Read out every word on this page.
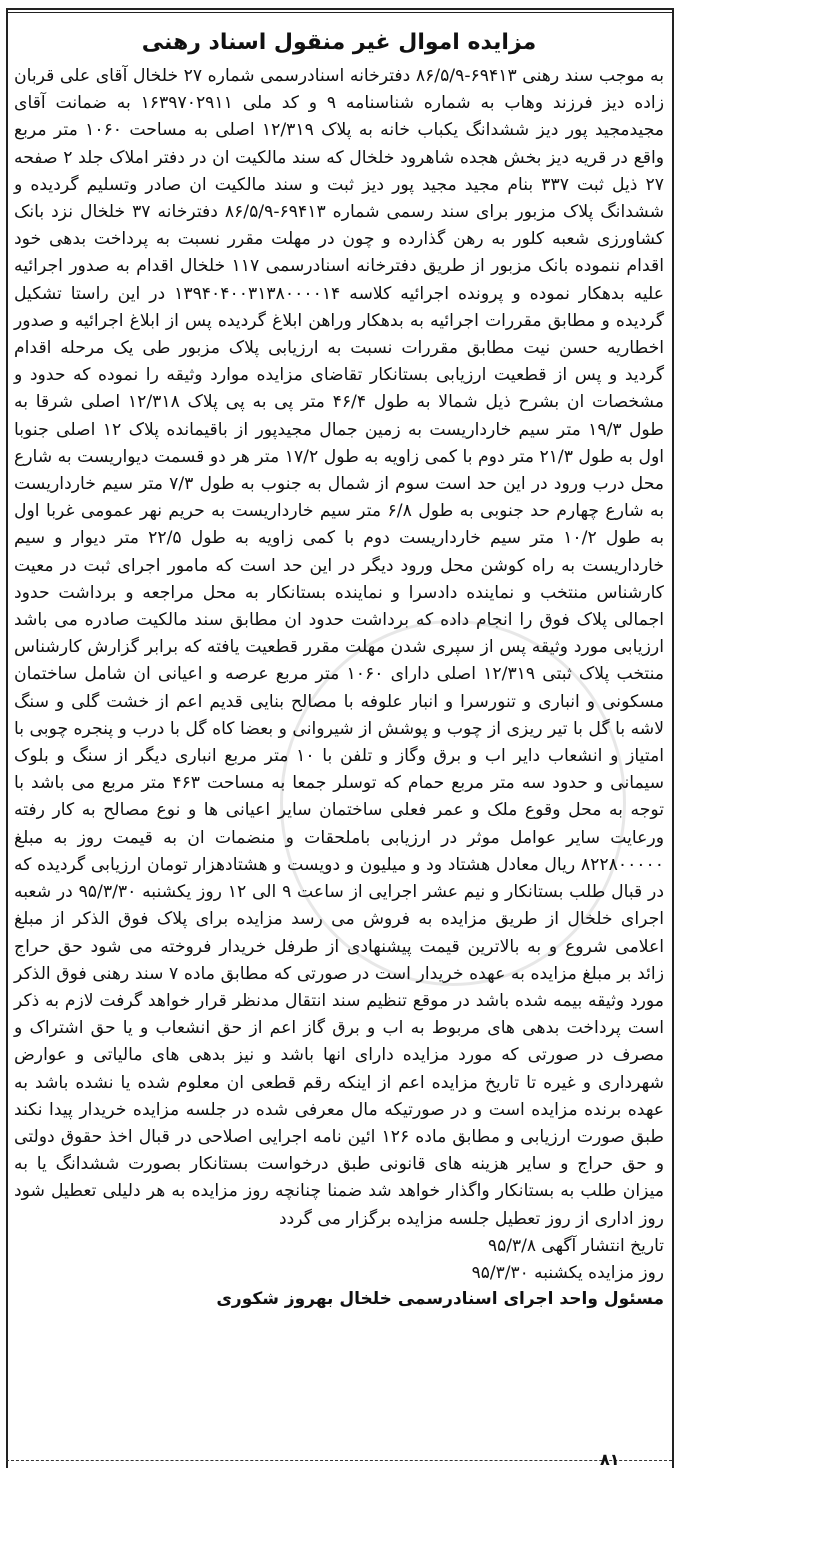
مزایده اموال غیر منقول اسناد رهنی

به موجب سند رهنی ۶۹۴۱۳-۸۶/۵/۹ دفترخانه اسنادرسمی شماره ۲۷ خلخال آقای علی قربان زاده دیز فرزند وهاب به شماره شناسنامه ۹ و کد ملی ۱۶۳۹۷۰۲۹۱۱ به ضمانت آقای مجیدمجید پور دیز ششدانگ یکباب خانه به پلاک ۱۲/۳۱۹ اصلی به مساحت ۱۰۶۰ متر مربع واقع در قریه دیز بخش هجده شاهرود خلخال که سند مالکیت ان در دفتر املاک جلد ۲ صفحه ۲۷ ذیل ثبت ۳۳۷ بنام مجید مجید پور دیز ثبت و سند مالکیت ان صادر وتسلیم گردیده و ششدانگ پلاک مزبور برای سند رسمی شماره ۶۹۴۱۳-۸۶/۵/۹ دفترخانه ۳۷ خلخال نزد بانک کشاورزی شعبه کلور به رهن گذارده و چون در مهلت مقرر نسبت به پرداخت بدهی خود اقدام ننموده بانک مزبور از طریق دفترخانه اسنادرسمی ۱۱۷ خلخال اقدام به صدور اجرائیه علیه بدهکار نموده و پرونده اجرائیه کلاسه ۱۳۹۴۰۴۰۰۳۱۳۸۰۰۰۰۱۴ در این راستا تشکیل گردیده و مطابق مقررات اجرائیه به بدهکار وراهن ابلاغ گردیده پس از ابلاغ اجرائیه و صدور اخطاریه حسن نیت مطابق مقررات نسبت به ارزیابی پلاک مزبور طی یک مرحله اقدام گردید و پس از قطعیت ارزیابی بستانکار تقاضای مزایده موارد وثیقه را نموده که حدود و مشخصات ان بشرح ذیل شمالا به طول ۴۶/۴ متر پی به پی پلاک ۱۲/۳۱۸ اصلی شرقا به طول ۱۹/۳ متر سیم خارداریست به زمین جمال مجیدپور از باقیمانده پلاک ۱۲ اصلی جنوبا اول به طول ۲۱/۳ متر دوم با کمی زاویه به طول ۱۷/۲ متر هر دو قسمت دیواریست به شارع محل درب ورود در این حد است سوم از شمال به جنوب به طول ۷/۳ متر سیم خارداریست به شارع چهارم حد جنوبی به طول ۶/۸ متر سیم خارداریست به حریم نهر عمومی غربا اول به طول ۱۰/۲ متر سیم خارداریست دوم با کمی زاویه به طول ۲۲/۵ متر دیوار و سیم خارداریست به راه کوشن محل ورود دیگر در این حد است که مامور اجرای ثبت در معیت کارشناس منتخب و نماینده دادسرا و نماینده بستانکار به محل مراجعه و برداشت حدود اجمالی پلاک فوق را انجام داده که برداشت حدود ان مطابق سند مالکیت صادره می باشد ارزیابی مورد وثیقه پس از سپری شدن مهلت مقرر قطعیت یافته که برابر گزارش کارشناس منتخب پلاک ثبتی ۱۲/۳۱۹ اصلی دارای ۱۰۶۰ متر مربع عرصه و اعیانی ان شامل ساختمان مسکونی و انباری و تنورسرا و انبار علوفه با مصالح بنایی قدیم اعم از خشت گلی و سنگ لاشه با گل با تیر ریزی از چوب و پوشش از شیروانی و بعضا کاه گل با درب و پنجره چوبی با امتیاز و انشعاب دایر اب و برق وگاز و تلفن با ۱۰ متر مربع انباری دیگر از سنگ و بلوک سیمانی و حدود سه متر مربع حمام که توسلر جمعا به مساحت ۴۶۳ متر مربع می باشد با توجه به محل وقوع ملک و عمر فعلی ساختمان سایر اعیانی ها و نوع مصالح به کار رفته ورعایت سایر عوامل موثر در ارزیابی باملحقات و منضمات ان به قیمت روز به مبلغ ۸۲۲۸۰۰۰۰۰ ریال معادل هشتاد ود و میلیون و دویست و هشتادهزار تومان ارزیابی گردیده که در قبال طلب بستانکار و نیم عشر اجرایی از ساعت ۹ الی ۱۲ روز یکشنبه ۹۵/۳/۳۰ در شعبه اجرای خلخال از طریق مزایده به فروش می رسد مزایده برای پلاک فوق الذکر از مبلغ اعلامی شروع و به بالاترین قیمت پیشنهادی از طرفل خریدار فروخته می شود حق حراج زائد بر مبلغ مزایده به عهده خریدار است در صورتی که مطابق ماده ۷ سند رهنی فوق الذکر مورد وثیقه بیمه شده باشد در موقع تنظیم سند انتقال مدنظر قرار خواهد گرفت لازم به ذکر است پرداخت بدهی های مربوط به اب و برق گاز اعم از حق انشعاب و یا حق اشتراک و مصرف در صورتی که مورد مزایده دارای انها باشد و نیز بدهی های مالیاتی و عوارض شهرداری و غیره تا تاریخ مزایده اعم از اینکه رقم قطعی ان معلوم شده یا نشده باشد به عهده برنده مزایده است و در صورتیکه مال معرفی شده در جلسه مزایده خریدار پیدا نکند طبق صورت ارزیابی و مطابق ماده ۱۲۶ ائین نامه اجرایی اصلاحی در قبال اخذ حقوق دولتی و حق حراج و سایر هزینه های قانونی طبق درخواست بستانکار بصورت ششدانگ یا به میزان طلب به بستانکار واگذار خواهد شد ضمنا چنانچه روز مزایده به هر دلیلی تعطیل شود روز اداری از روز تعطیل جلسه مزایده برگزار می گردد

تاریخ انتشار آگهی ۹۵/۳/۸

روز مزایده یکشنبه ۹۵/۳/۳۰

مسئول واحد اجرای اسنادرسمی خلخال بهروز شکوری
۸۱
